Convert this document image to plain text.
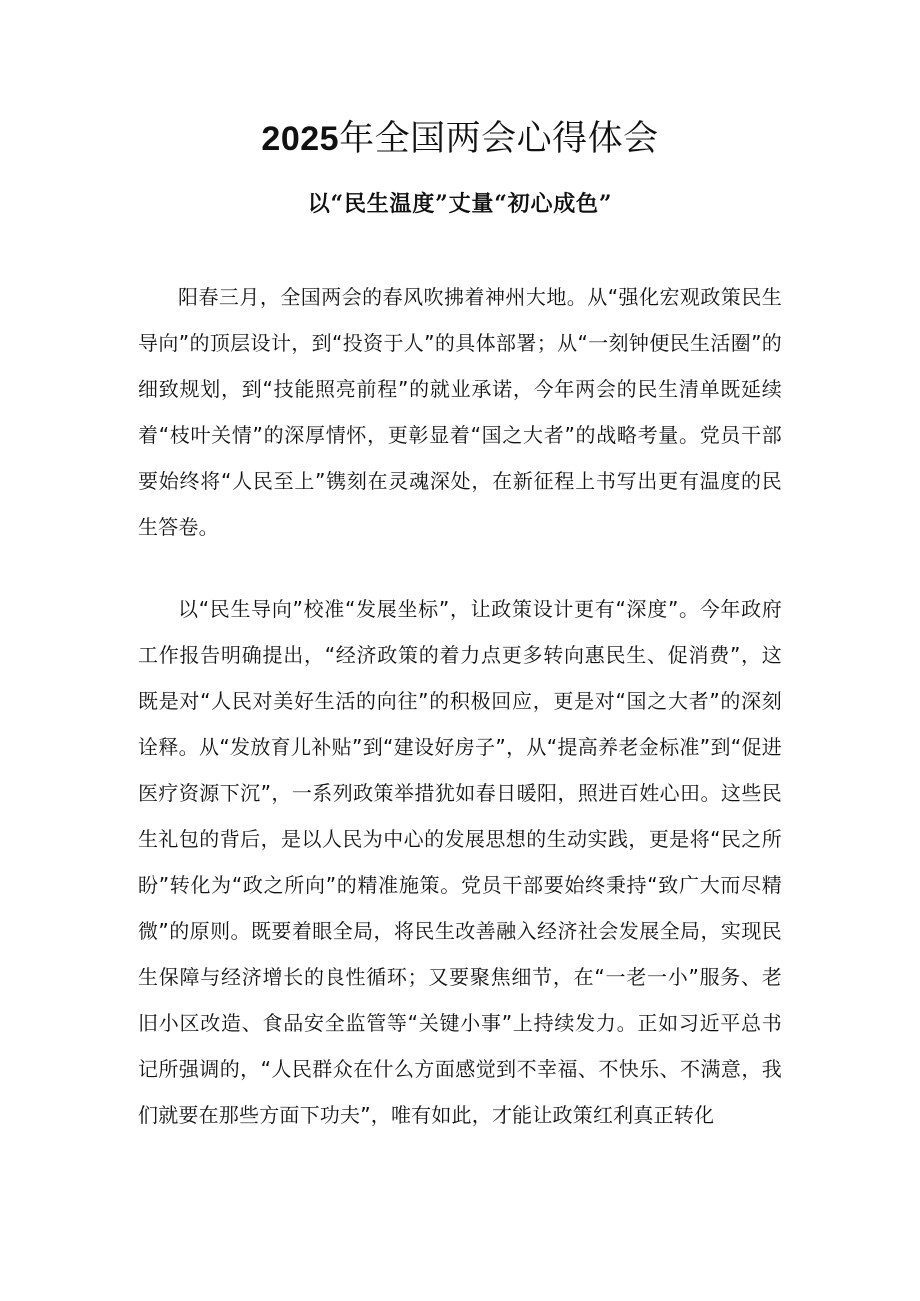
2025年全国两会心得体会
以“民生温度”丈量“初心成色”

阳春三月，全国两会的春风吹拂着神州大地。从“强化宏观政策民生导向”的顶层设计，到“投资于人”的具体部署；从“一刻钟便民生活圈”的细致规划，到“技能照亮前程”的就业承诺，今年两会的民生清单既延续着“枝叶关情”的深厚情怀，更彰显着“国之大者”的战略考量。党员干部要始终将“人民至上”镌刻在灵魂深处，在新征程上书写出更有温度的民生答卷。

以“民生导向”校准“发展坐标”，让政策设计更有“深度”。今年政府工作报告明确提出，“经济政策的着力点更多转向惠民生、促消费”，这既是对“人民对美好生活的向往”的积极回应，更是对“国之大者”的深刻诠释。从“发放育儿补贴”到“建设好房子”，从“提高养老金标准”到“促进医疗资源下沉”，一系列政策举措犹如春日暖阳，照进百姓心田。这些民生礼包的背后，是以人民为中心的发展思想的生动实践，更是将“民之所盼”转化为“政之所向”的精准施策。党员干部要始终秉持“致广大而尽精微”的原则。既要着眼全局，将民生改善融入经济社会发展全局，实现民生保障与经济增长的良性循环；又要聚焦细节，在“一老一小”服务、老旧小区改造、食品安全监管等“关键小事”上持续发力。正如习近平总书记所强调的，“人民群众在什么方面感觉到不幸福、不快乐、不满意，我们就要在那些方面下功夫”，唯有如此，才能让政策红利真正转化
